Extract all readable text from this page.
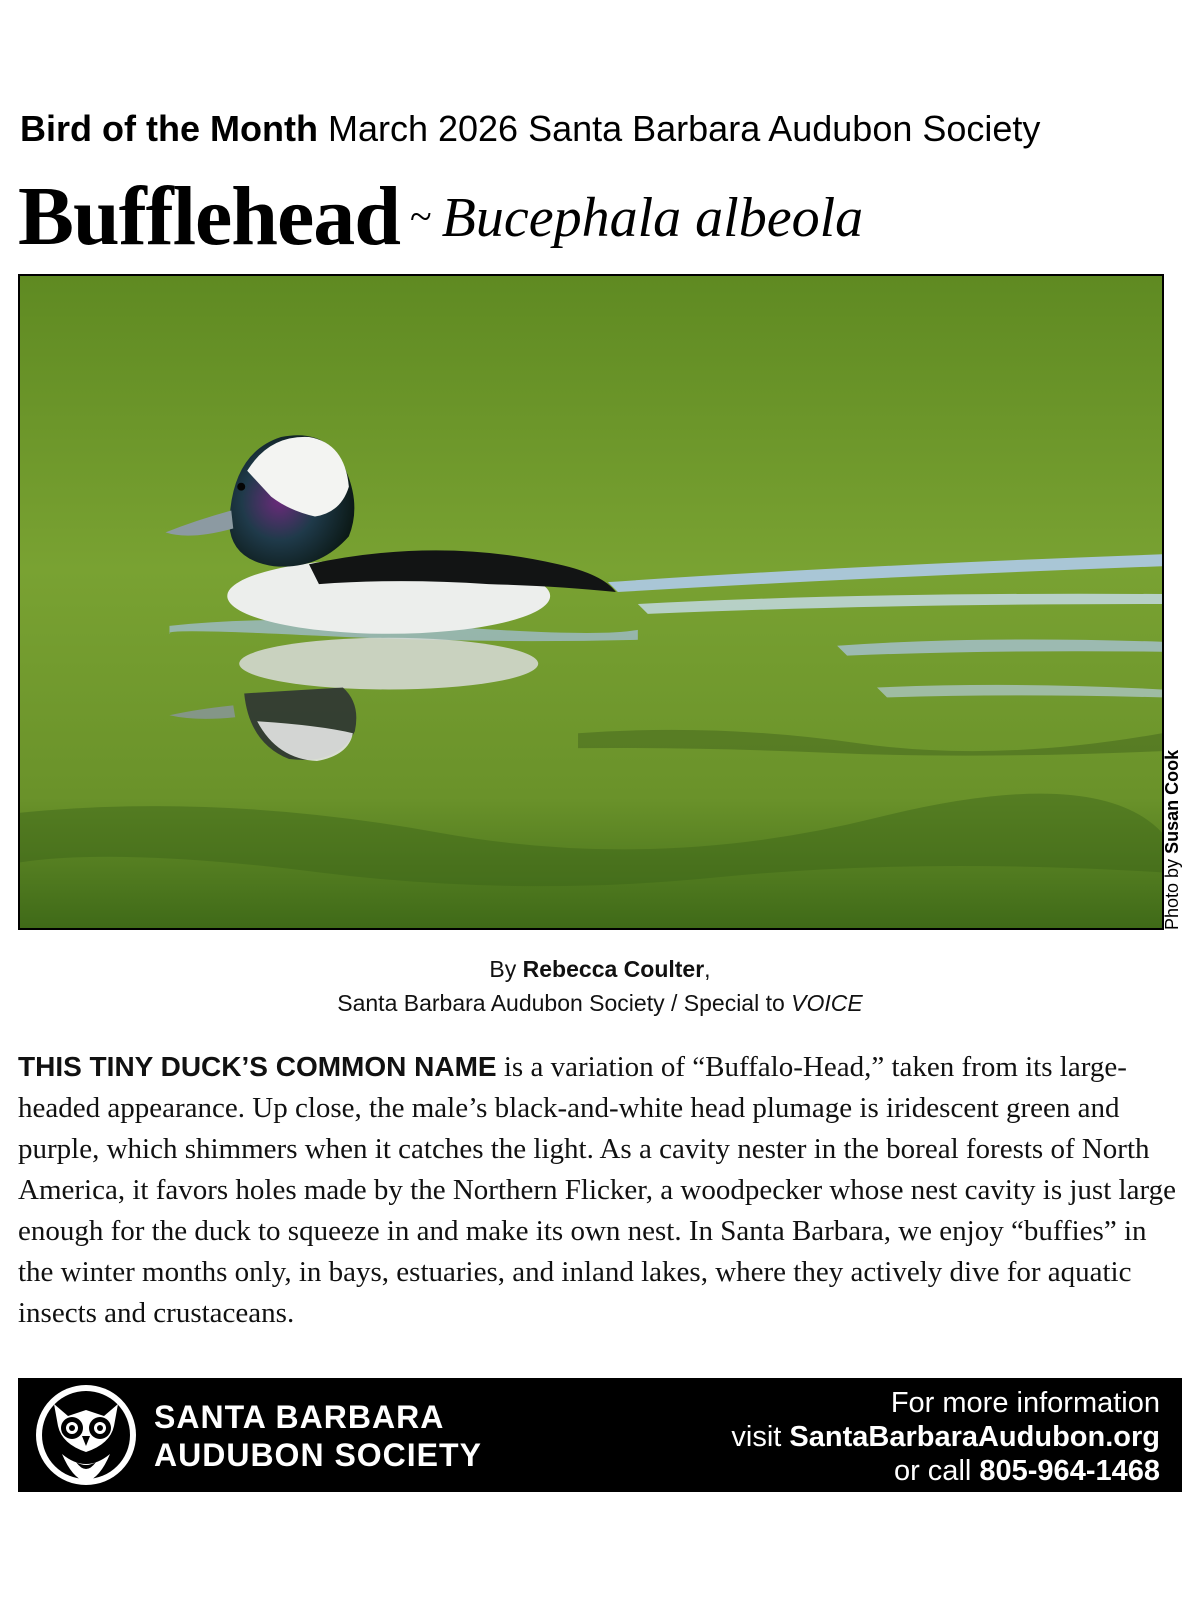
Bird of the Month March 2026 Santa Barbara Audubon Society
Bufflehead ~ Bucephala albeola
Photo by Susan Cook
By Rebecca Coulter,
Santa Barbara Audubon Society / Special to VOICE
THIS TINY DUCK’S COMMON NAME is a variation of “Buffalo-Head,” taken from its large-headed appearance. Up close, the male’s black-and-white head plumage is iridescent green and purple, which shimmers when it catches the light. As a cavity nester in the boreal forests of North America, it favors holes made by the Northern Flicker, a woodpecker whose nest cavity is just large enough for the duck to squeeze in and make its own nest. In Santa Barbara, we enjoy “buffies” in the winter months only, in bays, estuaries, and inland lakes, where they actively dive for aquatic insects and crustaceans.
SANTA BARBARA
AUDUBON SOCIETY
For more information
visit SantaBarbaraAudubon.org
or call 805-964-1468
